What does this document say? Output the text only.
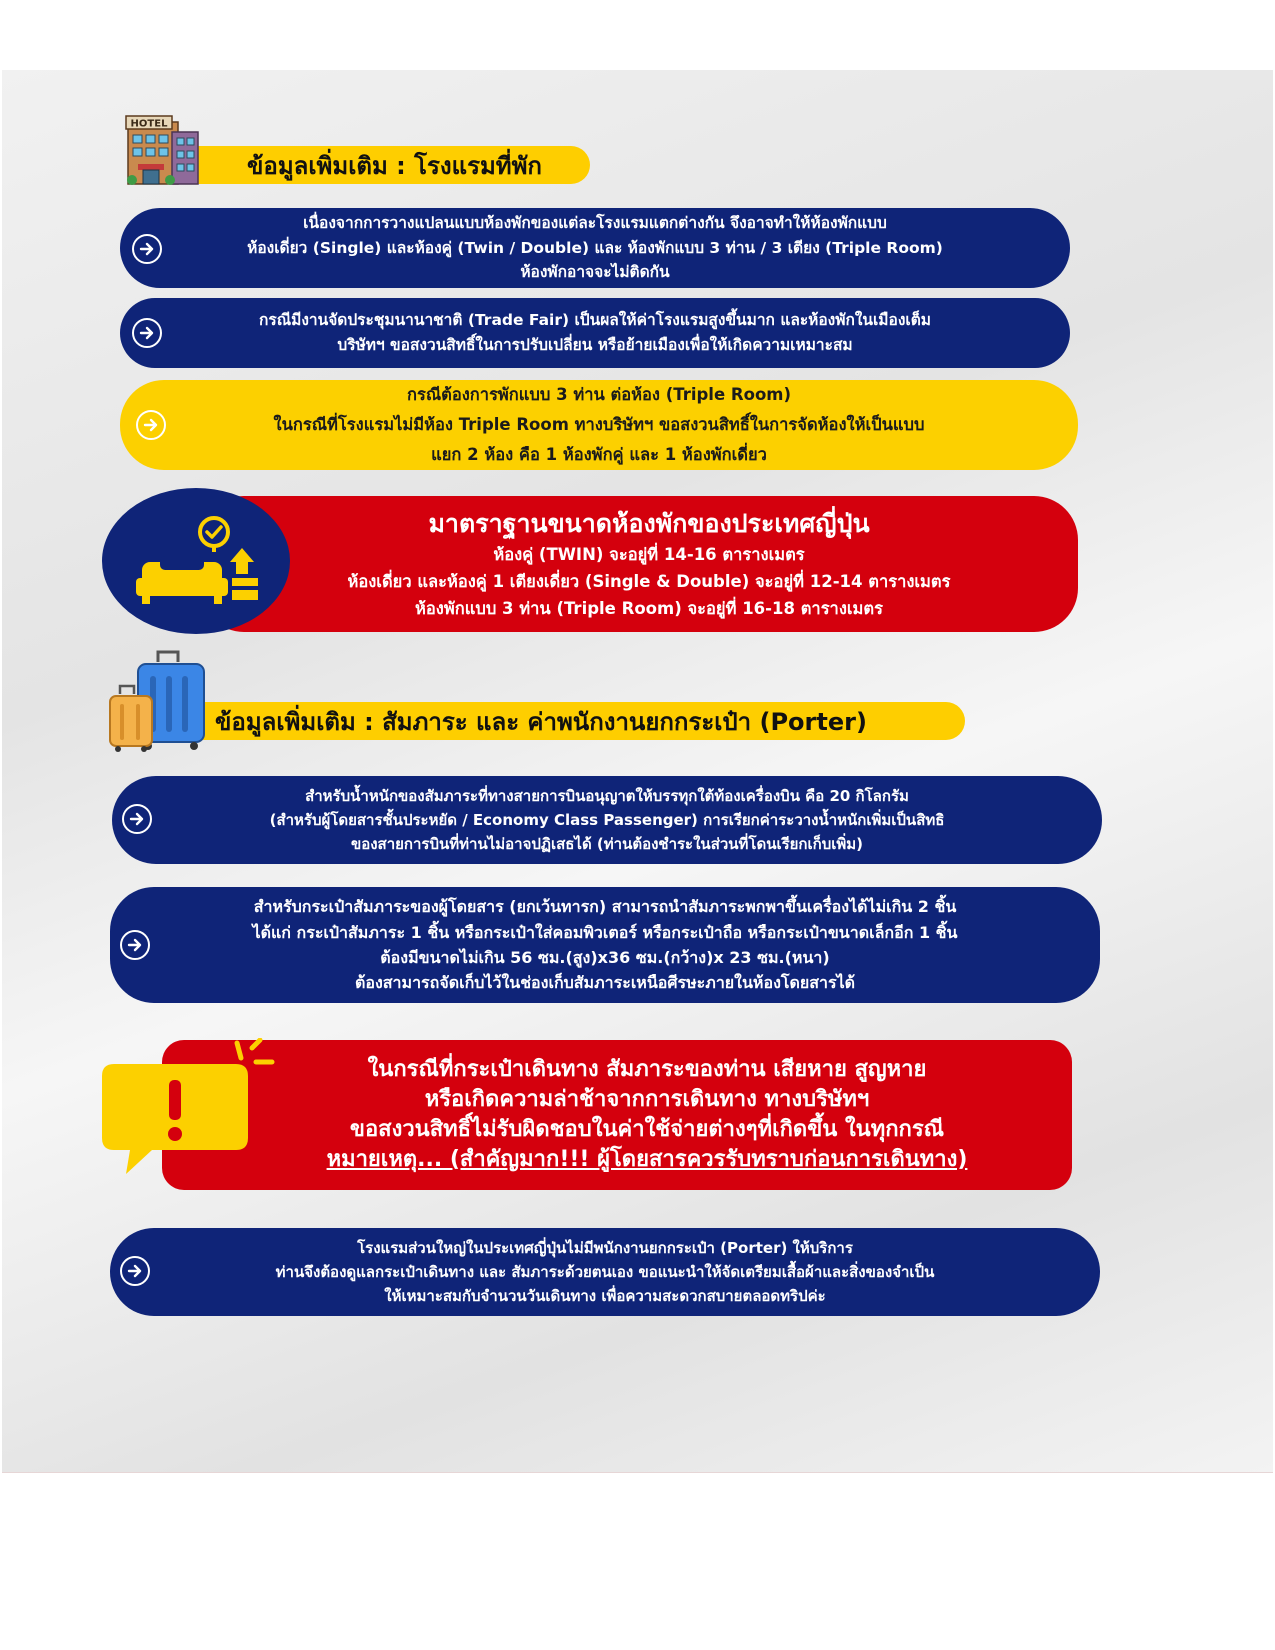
ข้อมูลเพิ่มเติม : โรงแรมที่พัก
HOTEL
เนื่องจากการวางแปลนแบบห้องพักของแต่ละโรงแรมแตกต่างกัน จึงอาจทำให้ห้องพักแบบ
ห้องเดี่ยว (Single) และห้องคู่ (Twin / Double) และ ห้องพักแบบ 3 ท่าน / 3 เตียง (Triple Room)
ห้องพักอาจจะไม่ติดกัน
กรณีมีงานจัดประชุมนานาชาติ (Trade Fair) เป็นผลให้ค่าโรงแรมสูงขึ้นมาก และห้องพักในเมืองเต็ม
บริษัทฯ ขอสงวนสิทธิ์ในการปรับเปลี่ยน หรือย้ายเมืองเพื่อให้เกิดความเหมาะสม
กรณีต้องการพักแบบ 3 ท่าน ต่อห้อง (Triple Room)
ในกรณีที่โรงแรมไม่มีห้อง Triple Room ทางบริษัทฯ ขอสงวนสิทธิ์ในการจัดห้องให้เป็นแบบ
แยก 2 ห้อง คือ 1 ห้องพักคู่ และ 1 ห้องพักเดี่ยว
มาตราฐานขนาดห้องพักของประเทศญี่ปุ่น
ห้องคู่ (TWIN) จะอยู่ที่ 14-16 ตารางเมตร
ห้องเดี่ยว และห้องคู่ 1 เตียงเดี่ยว (Single & Double) จะอยู่ที่ 12-14 ตารางเมตร
ห้องพักแบบ 3 ท่าน (Triple Room) จะอยู่ที่ 16-18 ตารางเมตร
ข้อมูลเพิ่มเติม : สัมภาระ และ ค่าพนักงานยกกระเป๋า (Porter)
สำหรับน้ำหนักของสัมภาระที่ทางสายการบินอนุญาตให้บรรทุกใต้ท้องเครื่องบิน คือ 20 กิโลกรัม
(สำหรับผู้โดยสารชั้นประหยัด / Economy Class Passenger) การเรียกค่าระวางน้ำหนักเพิ่มเป็นสิทธิ
ของสายการบินที่ท่านไม่อาจปฏิเสธได้ (ท่านต้องชำระในส่วนที่โดนเรียกเก็บเพิ่ม)
สำหรับกระเป๋าสัมภาระของผู้โดยสาร (ยกเว้นทารก) สามารถนำสัมภาระพกพาขึ้นเครื่องได้ไม่เกิน 2 ชิ้น
ได้แก่ กระเป๋าสัมภาระ 1 ชิ้น หรือกระเป๋าใส่คอมพิวเตอร์ หรือกระเป๋าถือ หรือกระเป๋าขนาดเล็กอีก 1 ชิ้น
ต้องมีขนาดไม่เกิน 56 ซม.(สูง)x36 ซม.(กว้าง)x 23 ซม.(หนา)
ต้องสามารถจัดเก็บไว้ในช่องเก็บสัมภาระเหนือศีรษะภายในห้องโดยสารได้
ในกรณีที่กระเป๋าเดินทาง สัมภาระของท่าน เสียหาย สูญหาย
หรือเกิดความล่าช้าจากการเดินทาง ทางบริษัทฯ
ขอสงวนสิทธิ์ไม่รับผิดชอบในค่าใช้จ่ายต่างๆที่เกิดขึ้น ในทุกกรณี
หมายเหตุ... (สำคัญมาก!!! ผู้โดยสารควรรับทราบก่อนการเดินทาง)
โรงแรมส่วนใหญ่ในประเทศญี่ปุ่นไม่มีพนักงานยกกระเป๋า (Porter) ให้บริการ
ท่านจึงต้องดูแลกระเป๋าเดินทาง และ สัมภาระด้วยตนเอง ขอแนะนำให้จัดเตรียมเสื้อผ้าและสิ่งของจำเป็น
ให้เหมาะสมกับจำนวนวันเดินทาง เพื่อความสะดวกสบายตลอดทริปค่ะ
